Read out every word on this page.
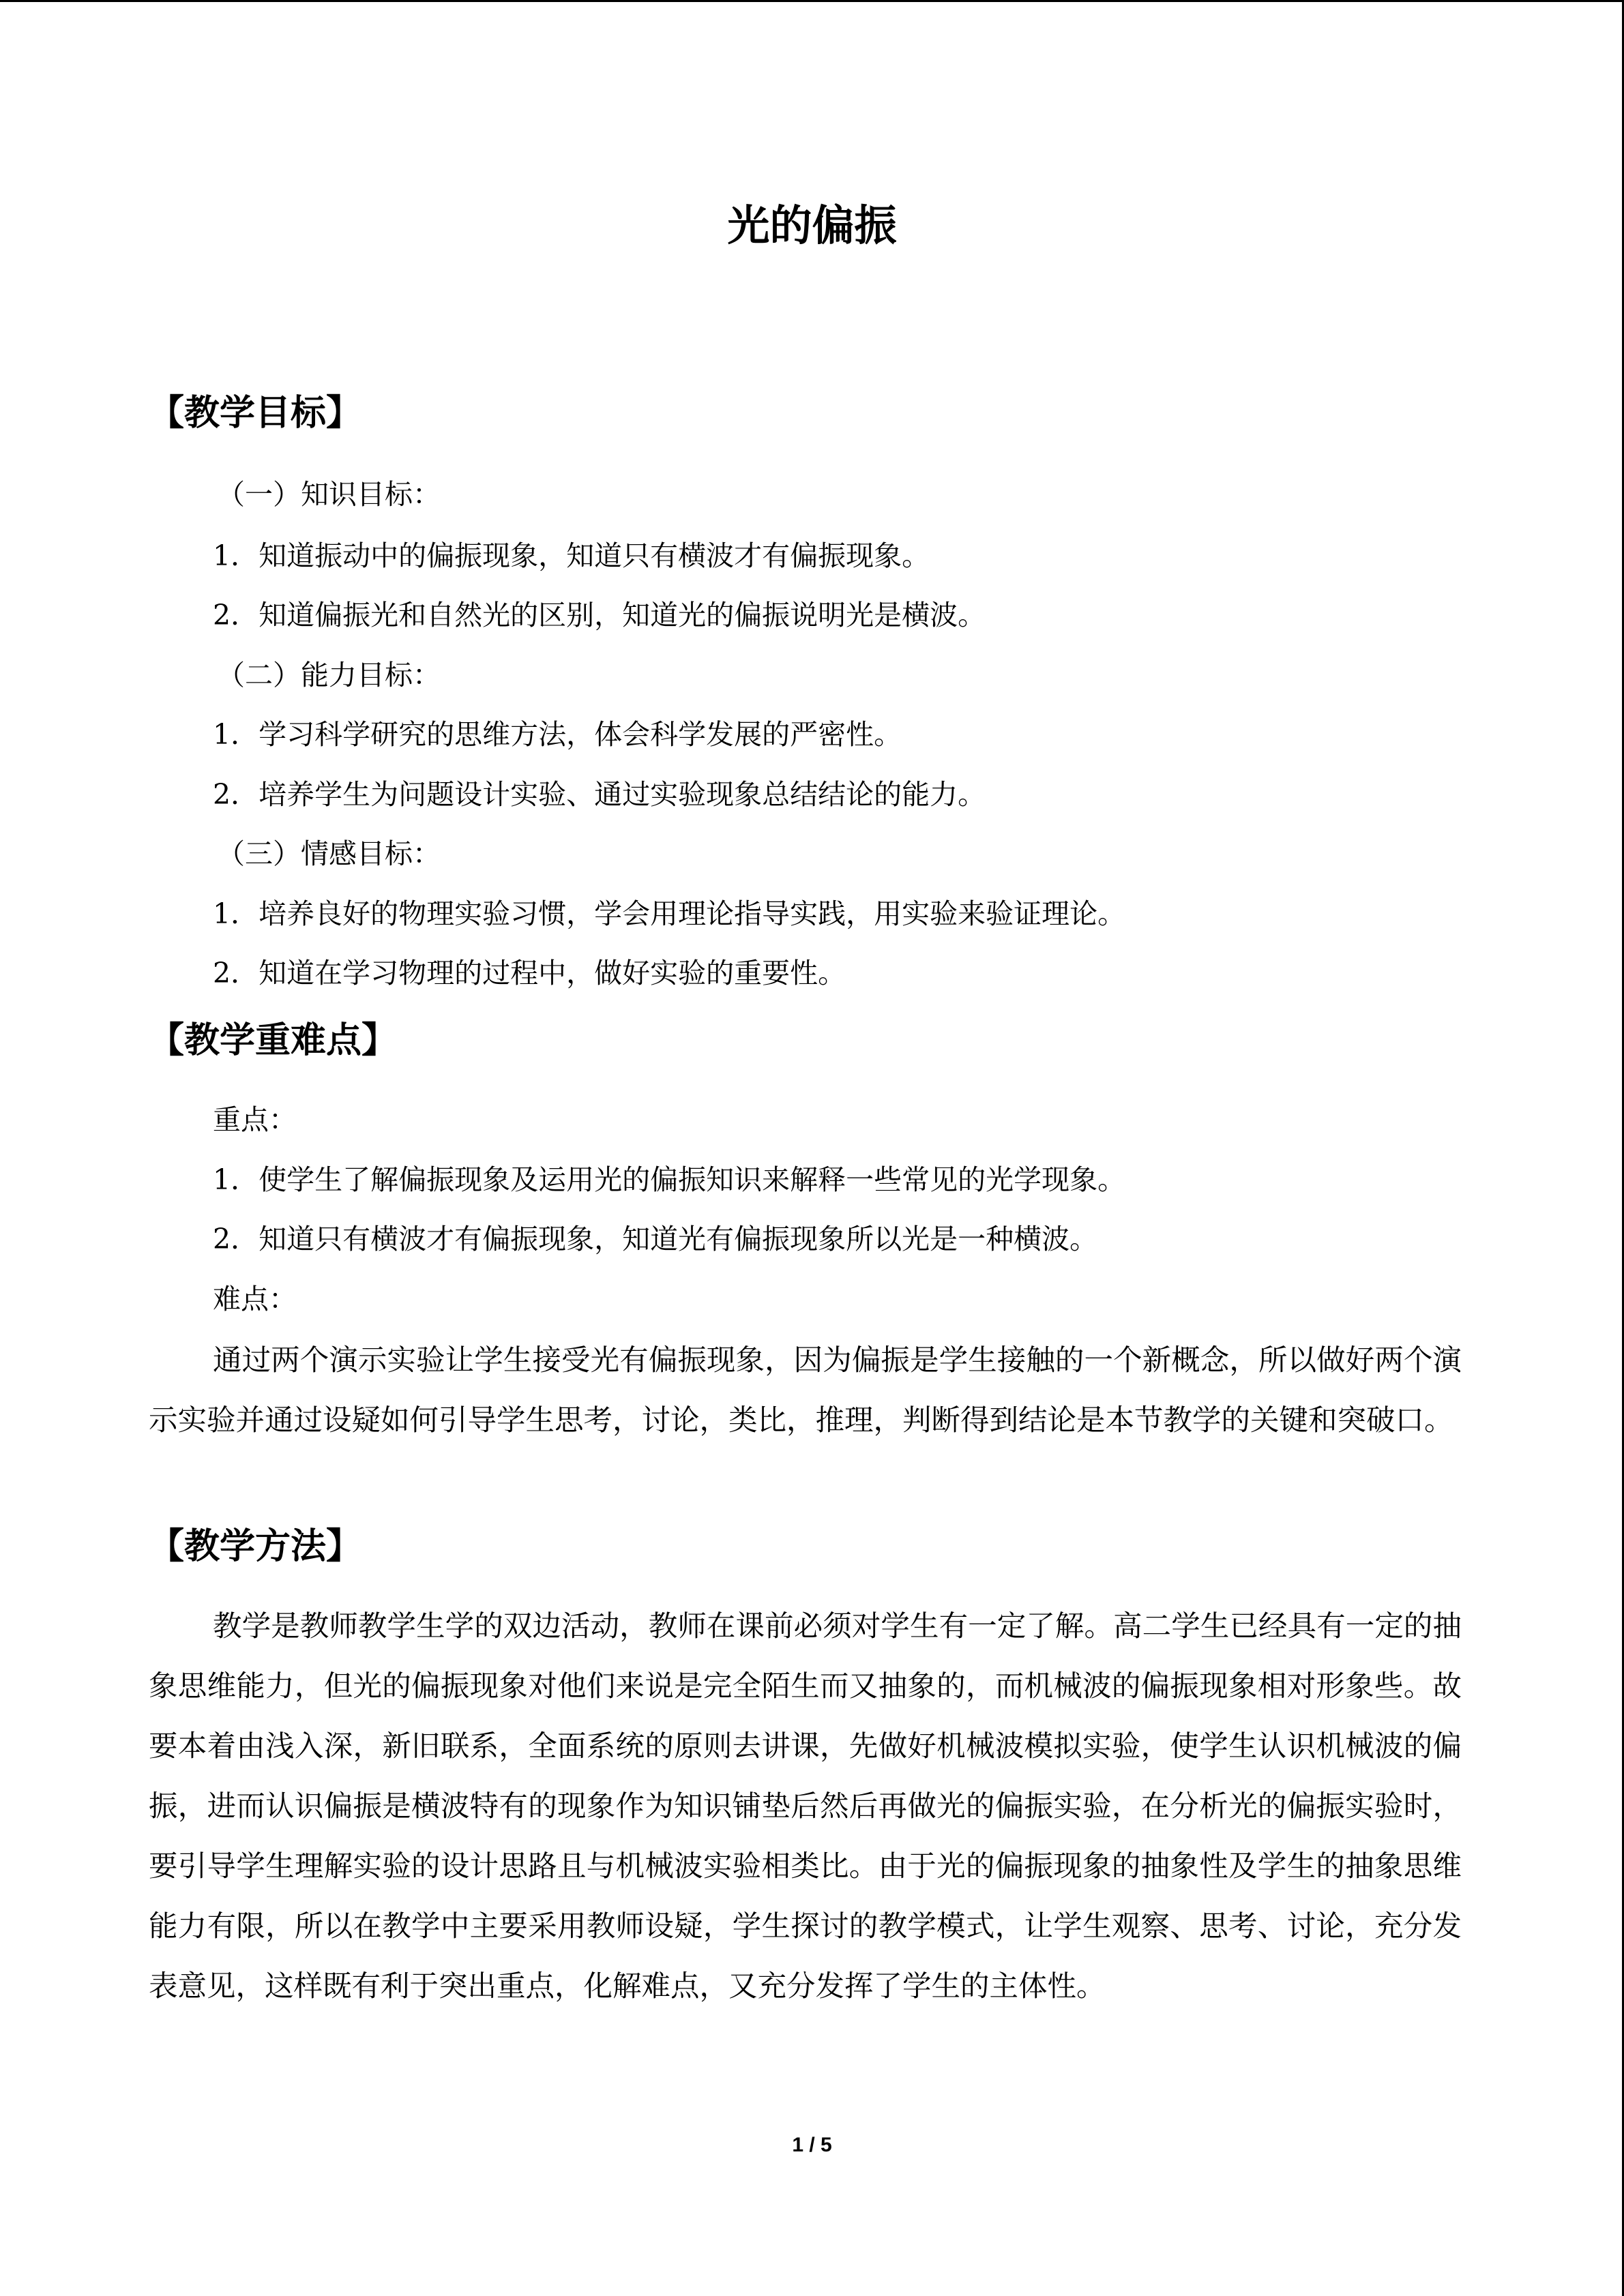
光的偏振
【教学目标】
（一）知识目标：
1．知道振动中的偏振现象，知道只有横波才有偏振现象。
2．知道偏振光和自然光的区别，知道光的偏振说明光是横波。
（二）能力目标：
1．学习科学研究的思维方法，体会科学发展的严密性。
2．培养学生为问题设计实验、通过实验现象总结结论的能力。
（三）情感目标：
1．培养良好的物理实验习惯，学会用理论指导实践，用实验来验证理论。
2．知道在学习物理的过程中，做好实验的重要性。
【教学重难点】
重点：
1．使学生了解偏振现象及运用光的偏振知识来解释一些常见的光学现象。
2．知道只有横波才有偏振现象，知道光有偏振现象所以光是一种横波。
难点：
通过两个演示实验让学生接受光有偏振现象，因为偏振是学生接触的一个新概念，所以做好两个演示实验并通过设疑如何引导学生思考，讨论，类比，推理，判断得到结论是本节教学的关键和突破口。
【教学方法】
教学是教师教学生学的双边活动，教师在课前必须对学生有一定了解。高二学生已经具有一定的抽象思维能力，但光的偏振现象对他们来说是完全陌生而又抽象的，而机械波的偏振现象相对形象些。故要本着由浅入深，新旧联系，全面系统的原则去讲课，先做好机械波模拟实验，使学生认识机械波的偏振，进而认识偏振是横波特有的现象作为知识铺垫后然后再做光的偏振实验，在分析光的偏振实验时，要引导学生理解实验的设计思路且与机械波实验相类比。由于光的偏振现象的抽象性及学生的抽象思维能力有限，所以在教学中主要采用教师设疑，学生探讨的教学模式，让学生观察、思考、讨论，充分发表意见，这样既有利于突出重点，化解难点，又充分发挥了学生的主体性。
1 / 5
